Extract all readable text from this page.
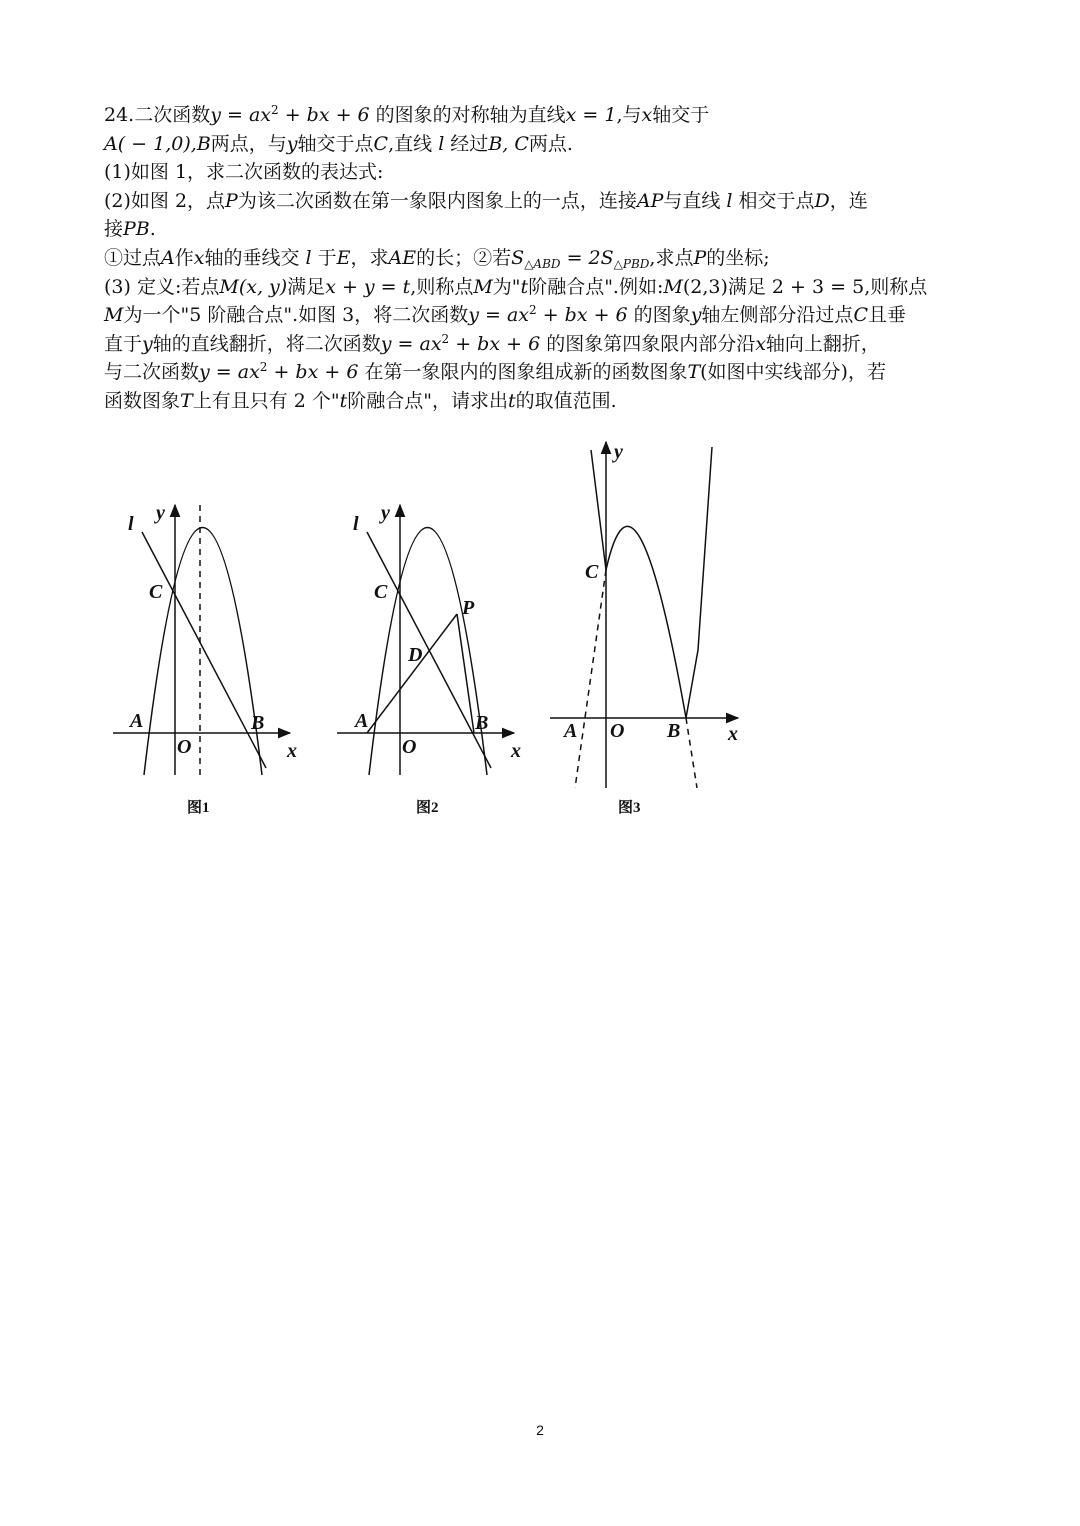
24.二次函数$y = ax^2$ + bx + 6 的图象的对称轴为直线x = 1,与x轴交于
A( − 1,0),B两点，与y轴交于点C,直线 l 经过B, C两点.
(1)如图 1，求二次函数的表达式:
(2)如图 2，点P为该二次函数在第一象限内图象上的一点，连接AP与直线 l 相交于点D，连
接PB.
①过点A作x轴的垂线交 l 于E，求AE的长；②若$S_{\triangle ABD} = 2S_{\triangle PBD}$,求点P的坐标;
(3) 定义:若点M(x, y)满足x + y = t,则称点M为"t阶融合点".例如:M(2,3)满足 2 + 3 = 5,则称点
M为一个"5 阶融合点".如图 3，将二次函数$y = ax^2$ + bx + 6 的图象y轴左侧部分沿过点C且垂
直于y轴的直线翻折，将二次函数$y = ax^2$ + bx + 6 的图象第四象限内部分沿x轴向上翻折，
与二次函数$y = ax^2$ + bx + 6 在第一象限内的图象组成新的函数图象T(如图中实线部分)，若
函数图象T上有且只有 2 个"t阶融合点"，请求出t的取值范围.
y
l
C
A
O
B
x
图1
y
l
C
P
D
A
O
B
x
图2
y
C
A O B x
图3
2
